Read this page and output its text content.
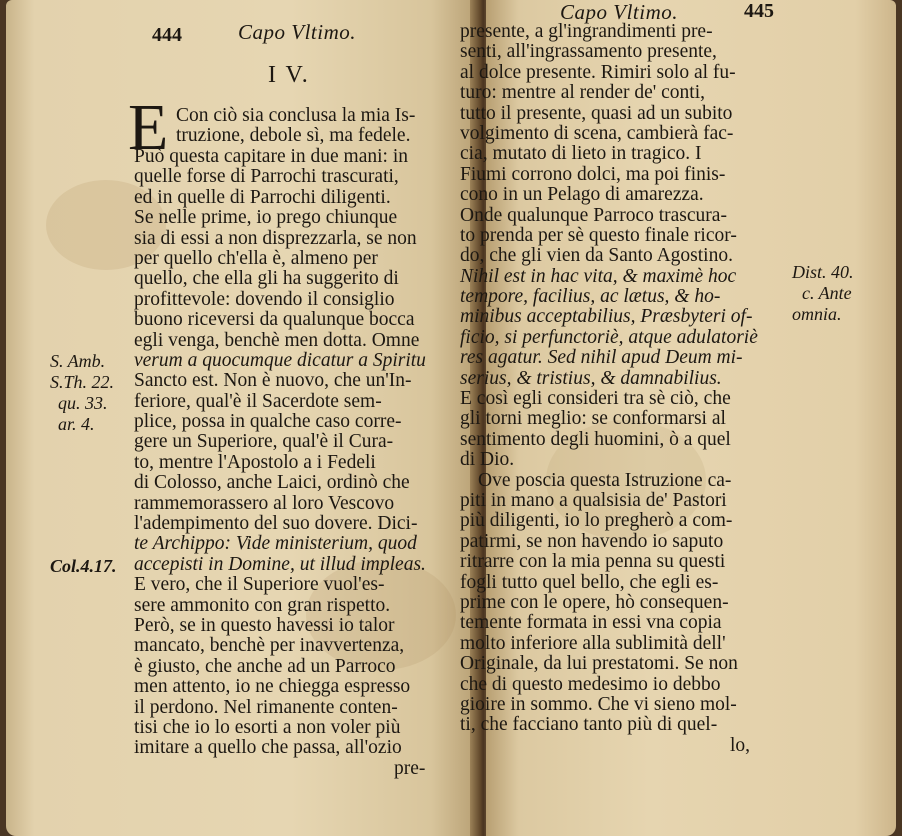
444	Capo Vltimo.
I V.
E Con ciò sia conclusa la mia Is-
truzione, debole sì, ma fedele.
Può questa capitare in due mani: in
quelle forse di Parrochi trascurati,
ed in quelle di Parrochi diligenti.
Se nelle prime, io prego chiunque
sia di essi a non disprezzarla, se non
per quello ch'ella è, almeno per
quello, che ella gli ha suggerito di
profittevole: dovendo il consiglio
buono riceversi da qualunque bocca
egli venga, benchè men dotta. Omne
verum a quocumque dicatur a Spiritu
Sancto est. Non è nuovo, che un'In-
feriore, qual'è il Sacerdote sem-
plice, possa in qualche caso corre-
gere un Superiore, qual'è il Cura-
to, mentre l'Apostolo a i Fedeli
di Colosso, anche Laici, ordinò che
rammemorassero al loro Vescovo
l'adempimento del suo dovere. Dici-
te Archippo: Vide ministerium, quod
accepisti in Domine, ut illud impleas.
E vero, che il Superiore vuol'es-
sere ammonito con gran rispetto.
Però, se in questo havessi io talor
mancato, benchè per inavvertenza,
è giusto, che anche ad un Parroco
men attento, io ne chiegga espresso
il perdono. Nel rimanente conten-
tisi che io lo esorti a non voler più
imitare a quello che passa, all'ozio
pre-
S. Amb.
S.Th. 22.
qu. 33.
ar. 4.
Col.4.17.
Capo Vltimo.	445
presente, a gl'ingrandimenti pre-
senti, all'ingrassamento presente,
al dolce presente. Rimiri solo al fu-
turo: mentre al render de' conti,
tutto il presente, quasi ad un subito
volgimento di scena, cambierà fac-
cia, mutato di lieto in tragico. I
Fiumi corrono dolci, ma poi finis-
cono in un Pelago di amarezza.
Onde qualunque Parroco trascura-
to prenda per sè questo finale ricor-
do, che gli vien da Santo Agostino.
Nihil est in hac vita, & maximè hoc
tempore, facilius, ac lætus, & ho-
minibus acceptabilius, Præsbyteri of-
ficio, si perfunctoriè, atque adulatoriè
res agatur. Sed nihil apud Deum mi-
serius, & tristius, & damnabilius.
E così egli consideri tra sè ciò, che
gli torni meglio: se conformarsi al
sentimento degli huomini, ò a quel
di Dio.
Ove poscia questa Istruzione ca-
piti in mano a qualsisia de' Pastori
più diligenti, io lo pregherò a com-
patirmi, se non havendo io saputo
ritrarre con la mia penna su questi
fogli tutto quel bello, che egli es-
prime con le opere, hò consequen-
temente formata in essi vna copia
molto inferiore alla sublimità dell'
Originale, da lui prestatomi. Se non
che di questo medesimo io debbo
gioire in sommo. Che vi sieno mol-
ti, che facciano tanto più di quel-
lo,
Dist. 40.
c. Ante
omnia.
